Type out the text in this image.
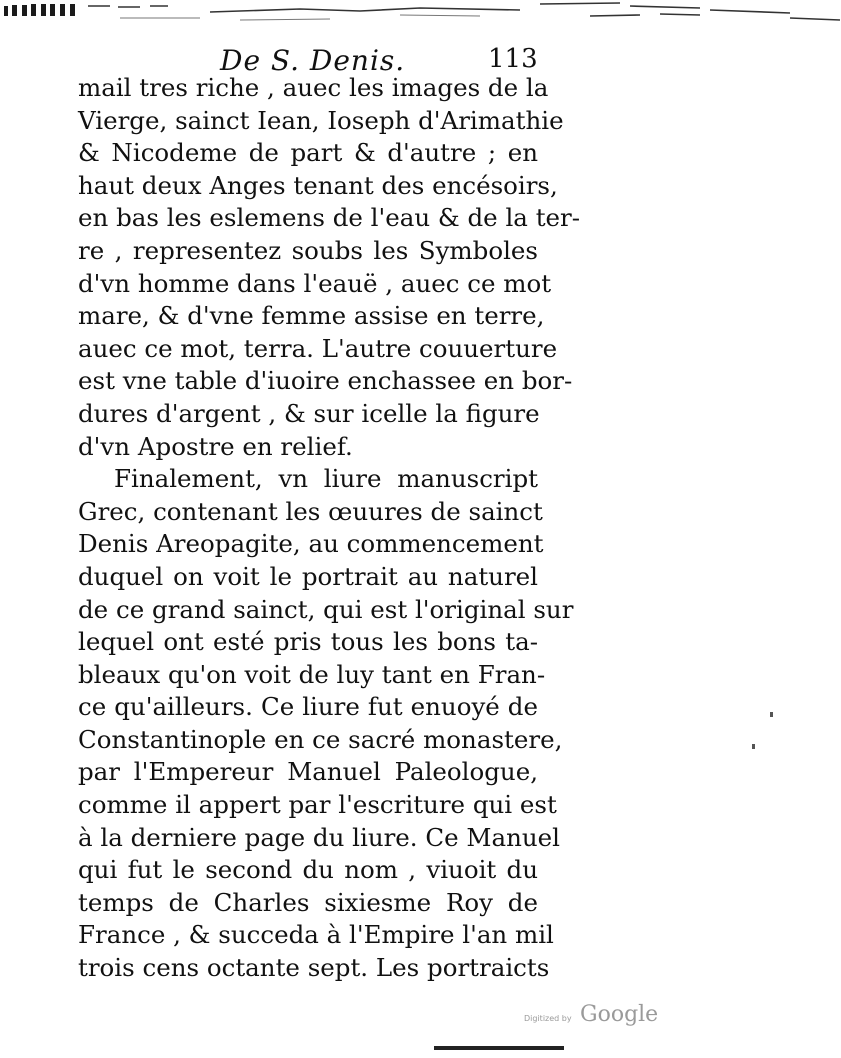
De S. Denis.	113
mail tres riche , auec les images de la
Vierge, sainct Iean, Ioseph d'Arimathie
& Nicodeme de part & d'autre ; en
haut deux Anges tenant des encésoirs,
en bas les eslemens de l'eau & de la ter-
re , representez soubs les Symboles
d'vn homme dans l'eauë , auec ce mot
mare, & d'vne femme assise en terre,
auec ce mot, terra. L'autre couuerture
est vne table d'iuoire enchassee en bor-
dures d'argent , & sur icelle la figure
d'vn Apostre en relief.
Finalement, vn liure manuscript
Grec, contenant les œuures de sainct
Denis Areopagite, au commencement
duquel on voit le portrait au naturel
de ce grand sainct, qui est l'original sur
lequel ont esté pris tous les bons ta-
bleaux qu'on voit de luy tant en Fran-
ce qu'ailleurs. Ce liure fut enuoyé de
Constantinople en ce sacré monastere,
par l'Empereur Manuel Paleologue,
comme il appert par l'escriture qui est
à la derniere page du liure. Ce Manuel
qui fut le second du nom , viuoit du
temps de Charles sixiesme Roy de
France , & succeda à l'Empire l'an mil
trois cens octante sept. Les portraicts
Digitized by Google
